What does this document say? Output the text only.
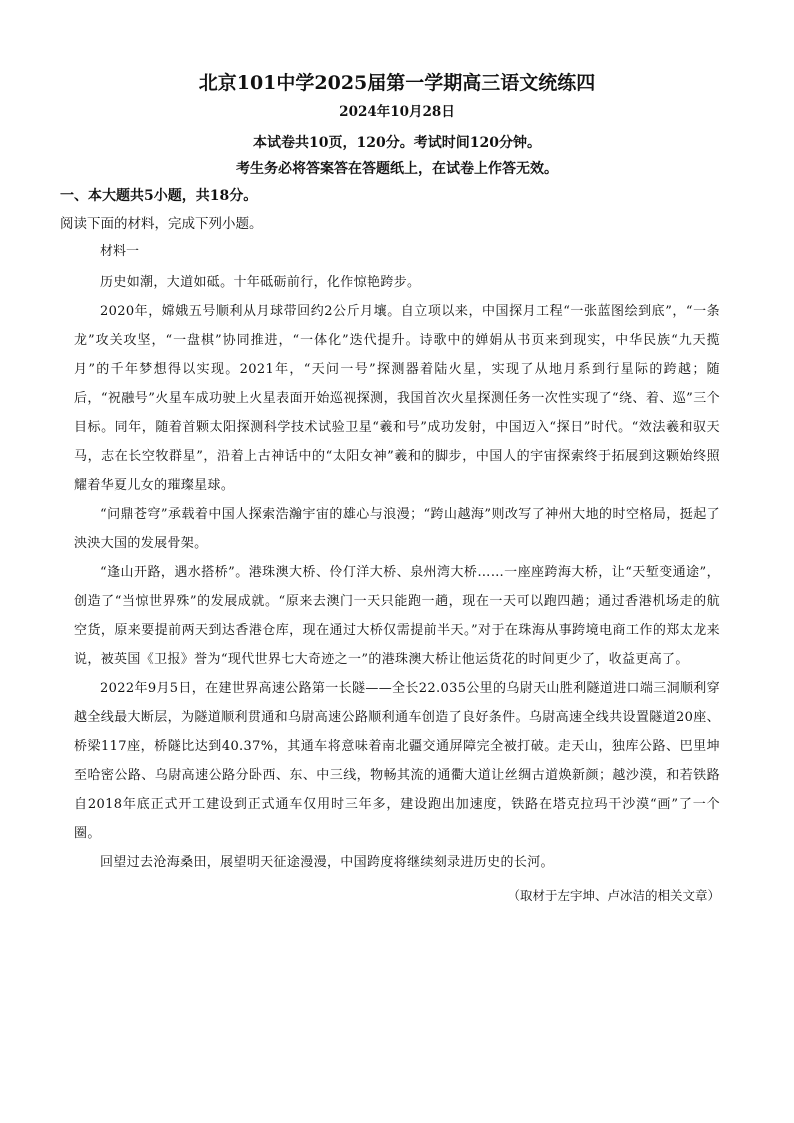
北京101中学2025届第一学期高三语文统练四
2024年10月28日
本试卷共10页，120分。考试时间120分钟。
考生务必将答案答在答题纸上，在试卷上作答无效。
一、本大题共5小题，共18分。
阅读下面的材料，完成下列小题。
材料一

历史如潮，大道如砥。十年砥砺前行，化作惊艳跨步。

2020年，嫦娥五号顺利从月球带回约2公斤月壤。自立项以来，中国探月工程“一张蓝图绘到底”，“一条龙”攻关攻坚，“一盘棋”协同推进，“一体化”迭代提升。诗歌中的婵娟从书页来到现实，中华民族“九天揽月”的千年梦想得以实现。2021年，“天问一号”探测器着陆火星，实现了从地月系到行星际的跨越；随后，“祝融号”火星车成功驶上火星表面开始巡视探测，我国首次火星探测任务一次性实现了“绕、着、巡”三个目标。同年，随着首颗太阳探测科学技术试验卫星“羲和号”成功发射，中国迈入“探日”时代。“效法羲和驭天马，志在长空牧群星”，沿着上古神话中的“太阳女神”羲和的脚步，中国人的宇宙探索终于拓展到这颗始终照耀着华夏儿女的璀璨星球。

“问鼎苍穹”承载着中国人探索浩瀚宇宙的雄心与浪漫；“跨山越海”则改写了神州大地的时空格局，挺起了泱泱大国的发展骨架。

“逢山开路，遇水搭桥”。港珠澳大桥、伶仃洋大桥、泉州湾大桥……一座座跨海大桥，让“天堑变通途”，创造了“当惊世界殊”的发展成就。“原来去澳门一天只能跑一趟，现在一天可以跑四趟；通过香港机场走的航空货，原来要提前两天到达香港仓库，现在通过大桥仅需提前半天。”对于在珠海从事跨境电商工作的郑太龙来说，被英国《卫报》誉为“现代世界七大奇迹之一”的港珠澳大桥让他运货花的时间更少了，收益更高了。

2022年9月5日，在建世界高速公路第一长隧——全长22.035公里的乌尉天山胜利隧道进口端三洞顺利穿越全线最大断层，为隧道顺利贯通和乌尉高速公路顺利通车创造了良好条件。乌尉高速全线共设置隧道20座、桥梁117座，桥隧比达到40.37%，其通车将意味着南北疆交通屏障完全被打破。走天山，独库公路、巴里坤至哈密公路、乌尉高速公路分卧西、东、中三线，物畅其流的通衢大道让丝绸古道焕新颜；越沙漠，和若铁路自2018年底正式开工建设到正式通车仅用时三年多，建设跑出加速度，铁路在塔克拉玛干沙漠“画”了一个圈。

回望过去沧海桑田，展望明天征途漫漫，中国跨度将继续刻录进历史的长河。

（取材于左宇坤、卢冰洁的相关文章）
